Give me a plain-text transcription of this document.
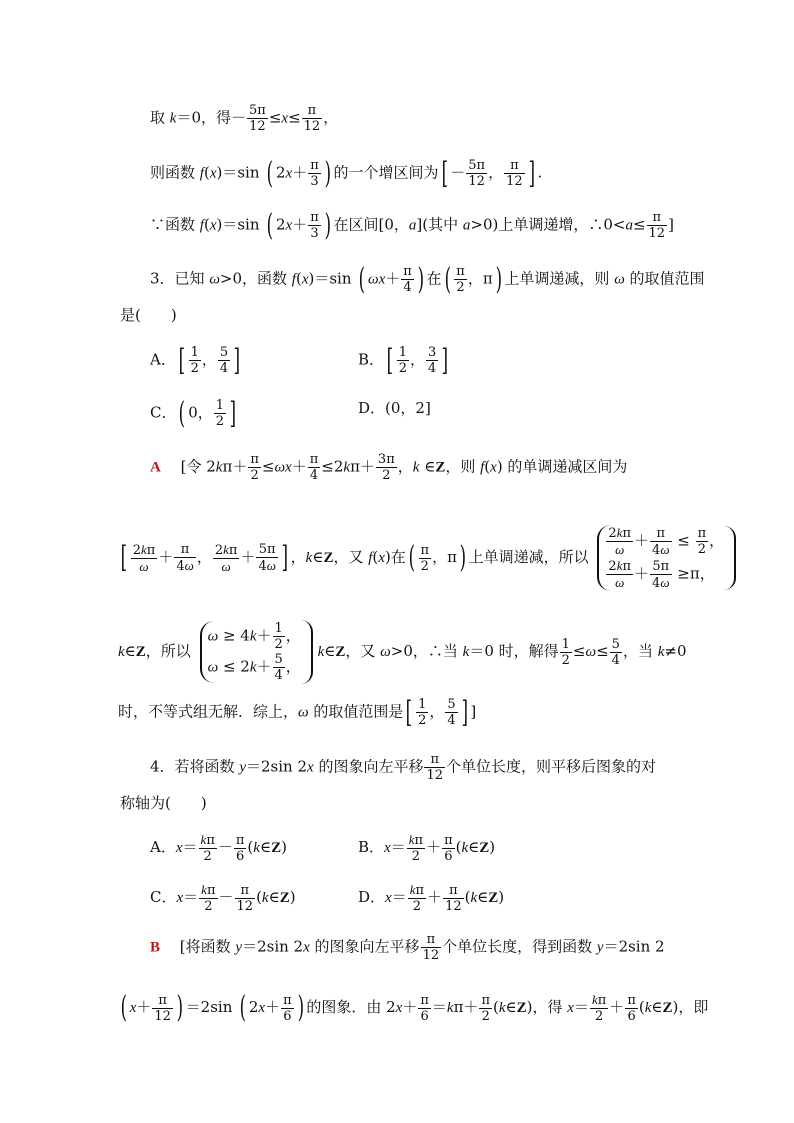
取 k＝0，得－ $\frac{5\pi}{12} \le x\le \frac{\pi}{12}$ ，
则函数 f(x)＝sin ( $2x+ \frac{\pi}{3}$ ) 的一个增区间为[ － $\frac{5\pi}{12}$ ， $\frac{\pi}{12}$ ] .
∵函数 f(x)＝sin ( $2x+ \frac{\pi}{3}$ ) 在区间[0，a](其中 a>0)上单调递增，∴0<a≤ $\frac{\pi}{12}$ ]
3．已知 ω>0，函数 f(x)＝sin ( $\omega x+ \frac{\pi}{4}$ ) 在( $\frac{\pi}{2}$ ，π) 上单调递减，则 ω 的取值范围
是(　　)
A．[ $\frac{1}{2}$ ， $\frac{5}{4}$ ]	B．[ $\frac{1}{2}$ ， $\frac{3}{4}$ ]
C．( 0， $\frac{1}{2}$ ]	D．(0，2]
A 　[令 $2k\pi+ \frac{\pi}{2} \le\omega x+ \frac{\pi}{4} \le 2k\pi+ \frac{3\pi}{2}$ ，k ∈Z，则 f(x) 的单调递减区间为
[ $\frac{2k\pi}{\omega} + \frac{\pi}{4\omega}$ ， $\frac{2k\pi}{\omega} + \frac{5\pi}{4\omega}$ ] ，k∈Z，又 f(x)在( $\frac{\pi}{2}$ ，π) 上单调递减，所以 $\frac{2k\pi}{\omega} + \frac{\pi}{4\omega} \le \frac{\pi}{2}$ ，
$\frac{2k\pi}{\omega} + \frac{5\pi}{4\omega} \ge\pi$，
k∈Z，所以
$\omega \ge 4k+ \frac{1}{2}$ ，
$\omega \le 2k+ \frac{5}{4}$ ，
k∈Z，又 ω>0，∴当 k＝0 时，解得 $\frac{1}{2} \le\omega\le \frac{5}{4}$ ，当 k≠0
时，不等式组无解．综上，ω 的取值范围是[ $\frac{1}{2}$ ， $\frac{5}{4}$ ] ]
4．若将函数 y＝2sin 2x 的图象向左平移 $\frac{\pi}{12}$ 个单位长度，则平移后图象的对
称轴为(　　)
A．$x= \frac{k\pi}{2} - \frac{\pi}{6}$ (k∈Z)	B．$x= \frac{k\pi}{2} + \frac{\pi}{6}$ (k∈Z)
C．$x= \frac{k\pi}{2} - \frac{\pi}{12}$ (k∈Z)	D．$x= \frac{k\pi}{2} + \frac{\pi}{12}$ (k∈Z)
B 　[将函数 y＝2sin 2x 的图象向左平移 $\frac{\pi}{12}$ 个单位长度，得到函数 y＝2sin 2
( $x+ \frac{\pi}{12}$ ) ＝2sin ( $2x+ \frac{\pi}{6}$ ) 的图象．由 $2x+ \frac{\pi}{6} =k\pi+ \frac{\pi}{2}$ (k∈Z)，得 $x= \frac{k\pi}{2} + \frac{\pi}{6}$ (k∈Z)，即
